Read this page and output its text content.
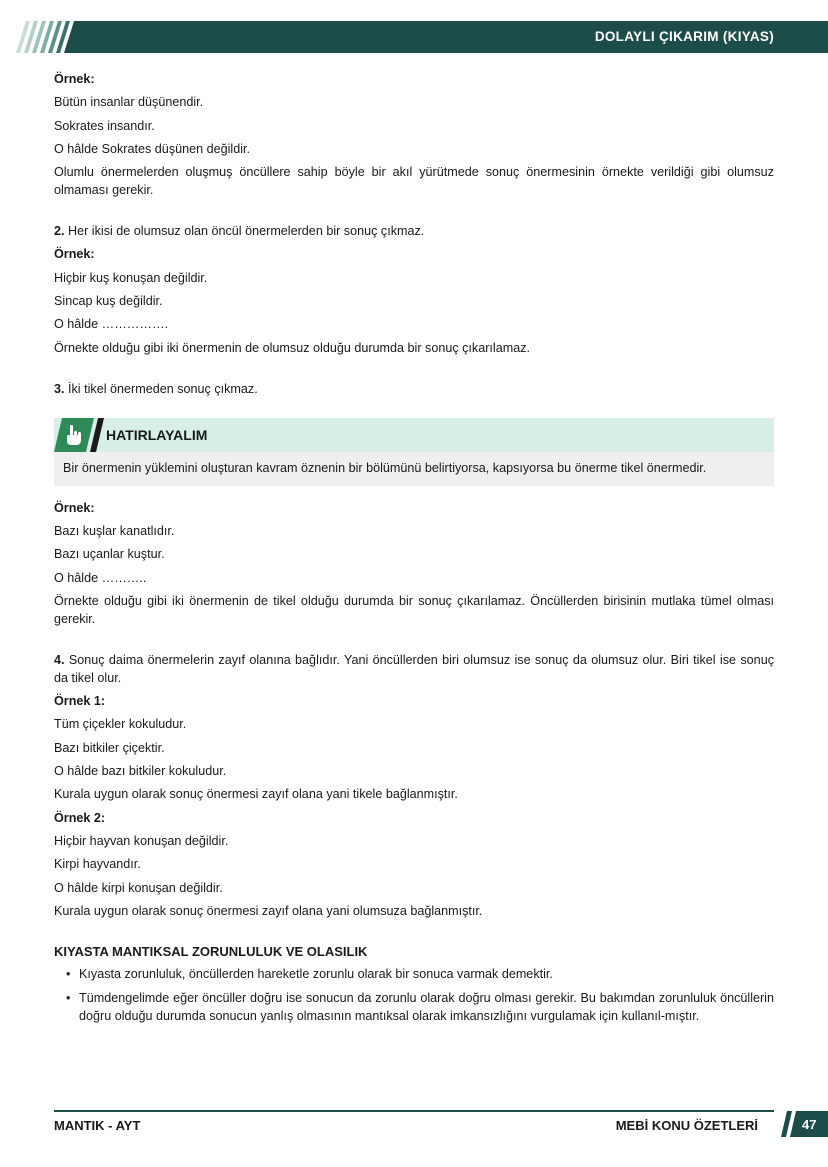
DOLAYLI ÇIKARIM (KIYAS)

Örnek:

Bütün insanlar düşünendir.

Sokrates insandır.

O hâlde Sokrates düşünen değildir.

Olumlu önermelerden oluşmuş öncüllere sahip böyle bir akıl yürütmede sonuç önermesinin örnekte verildiği gibi olumsuz olmaması gerekir.

2. Her ikisi de olumsuz olan öncül önermelerden bir sonuç çıkmaz.

Örnek:

Hiçbir kuş konuşan değildir.

Sincap kuş değildir.

O hâlde …………….

Örnekte olduğu gibi iki önermenin de olumsuz olduğu durumda bir sonuç çıkarılamaz.

3. İki tikel önermeden sonuç çıkmaz.

HATIRLAYALIM
Bir önermenin yüklemini oluşturan kavram öznenin bir bölümünü belirtiyorsa, kapsıyorsa bu önerme tikel önermedir.

Örnek:

Bazı kuşlar kanatlıdır.

Bazı uçanlar kuştur.

O hâlde ………..

Örnekte olduğu gibi iki önermenin de tikel olduğu durumda bir sonuç çıkarılamaz. Öncüllerden birisinin mutlaka tümel olması gerekir.

4. Sonuç daima önermelerin zayıf olanına bağlıdır. Yani öncüllerden biri olumsuz ise sonuç da olumsuz olur. Biri tikel ise sonuç da tikel olur.

Örnek 1:

Tüm çiçekler kokuludur.

Bazı bitkiler çiçektir.

O hâlde bazı bitkiler kokuludur.

Kurala uygun olarak sonuç önermesi zayıf olana yani tikele bağlanmıştır.

Örnek 2:

Hiçbir hayvan konuşan değildir.

Kirpi hayvandır.

O hâlde kirpi konuşan değildir.

Kurala uygun olarak sonuç önermesi zayıf olana yani olumsuza bağlanmıştır.

KIYASTA MANTIKSAL ZORUNLULUK VE OLASILIK

• Kıyasta zorunluluk, öncüllerden hareketle zorunlu olarak bir sonuca varmak demektir.
• Tümdengelimde eğer öncüller doğru ise sonucun da zorunlu olarak doğru olması gerekir. Bu bakımdan zorunluluk öncüllerin doğru olduğu durumda sonucun yanlış olmasının mantıksal olarak imkansızlığını vurgulamak için kullanıl-mıştır.
MANTIK - AYT	MEBİ KONU ÖZETLERİ	47
